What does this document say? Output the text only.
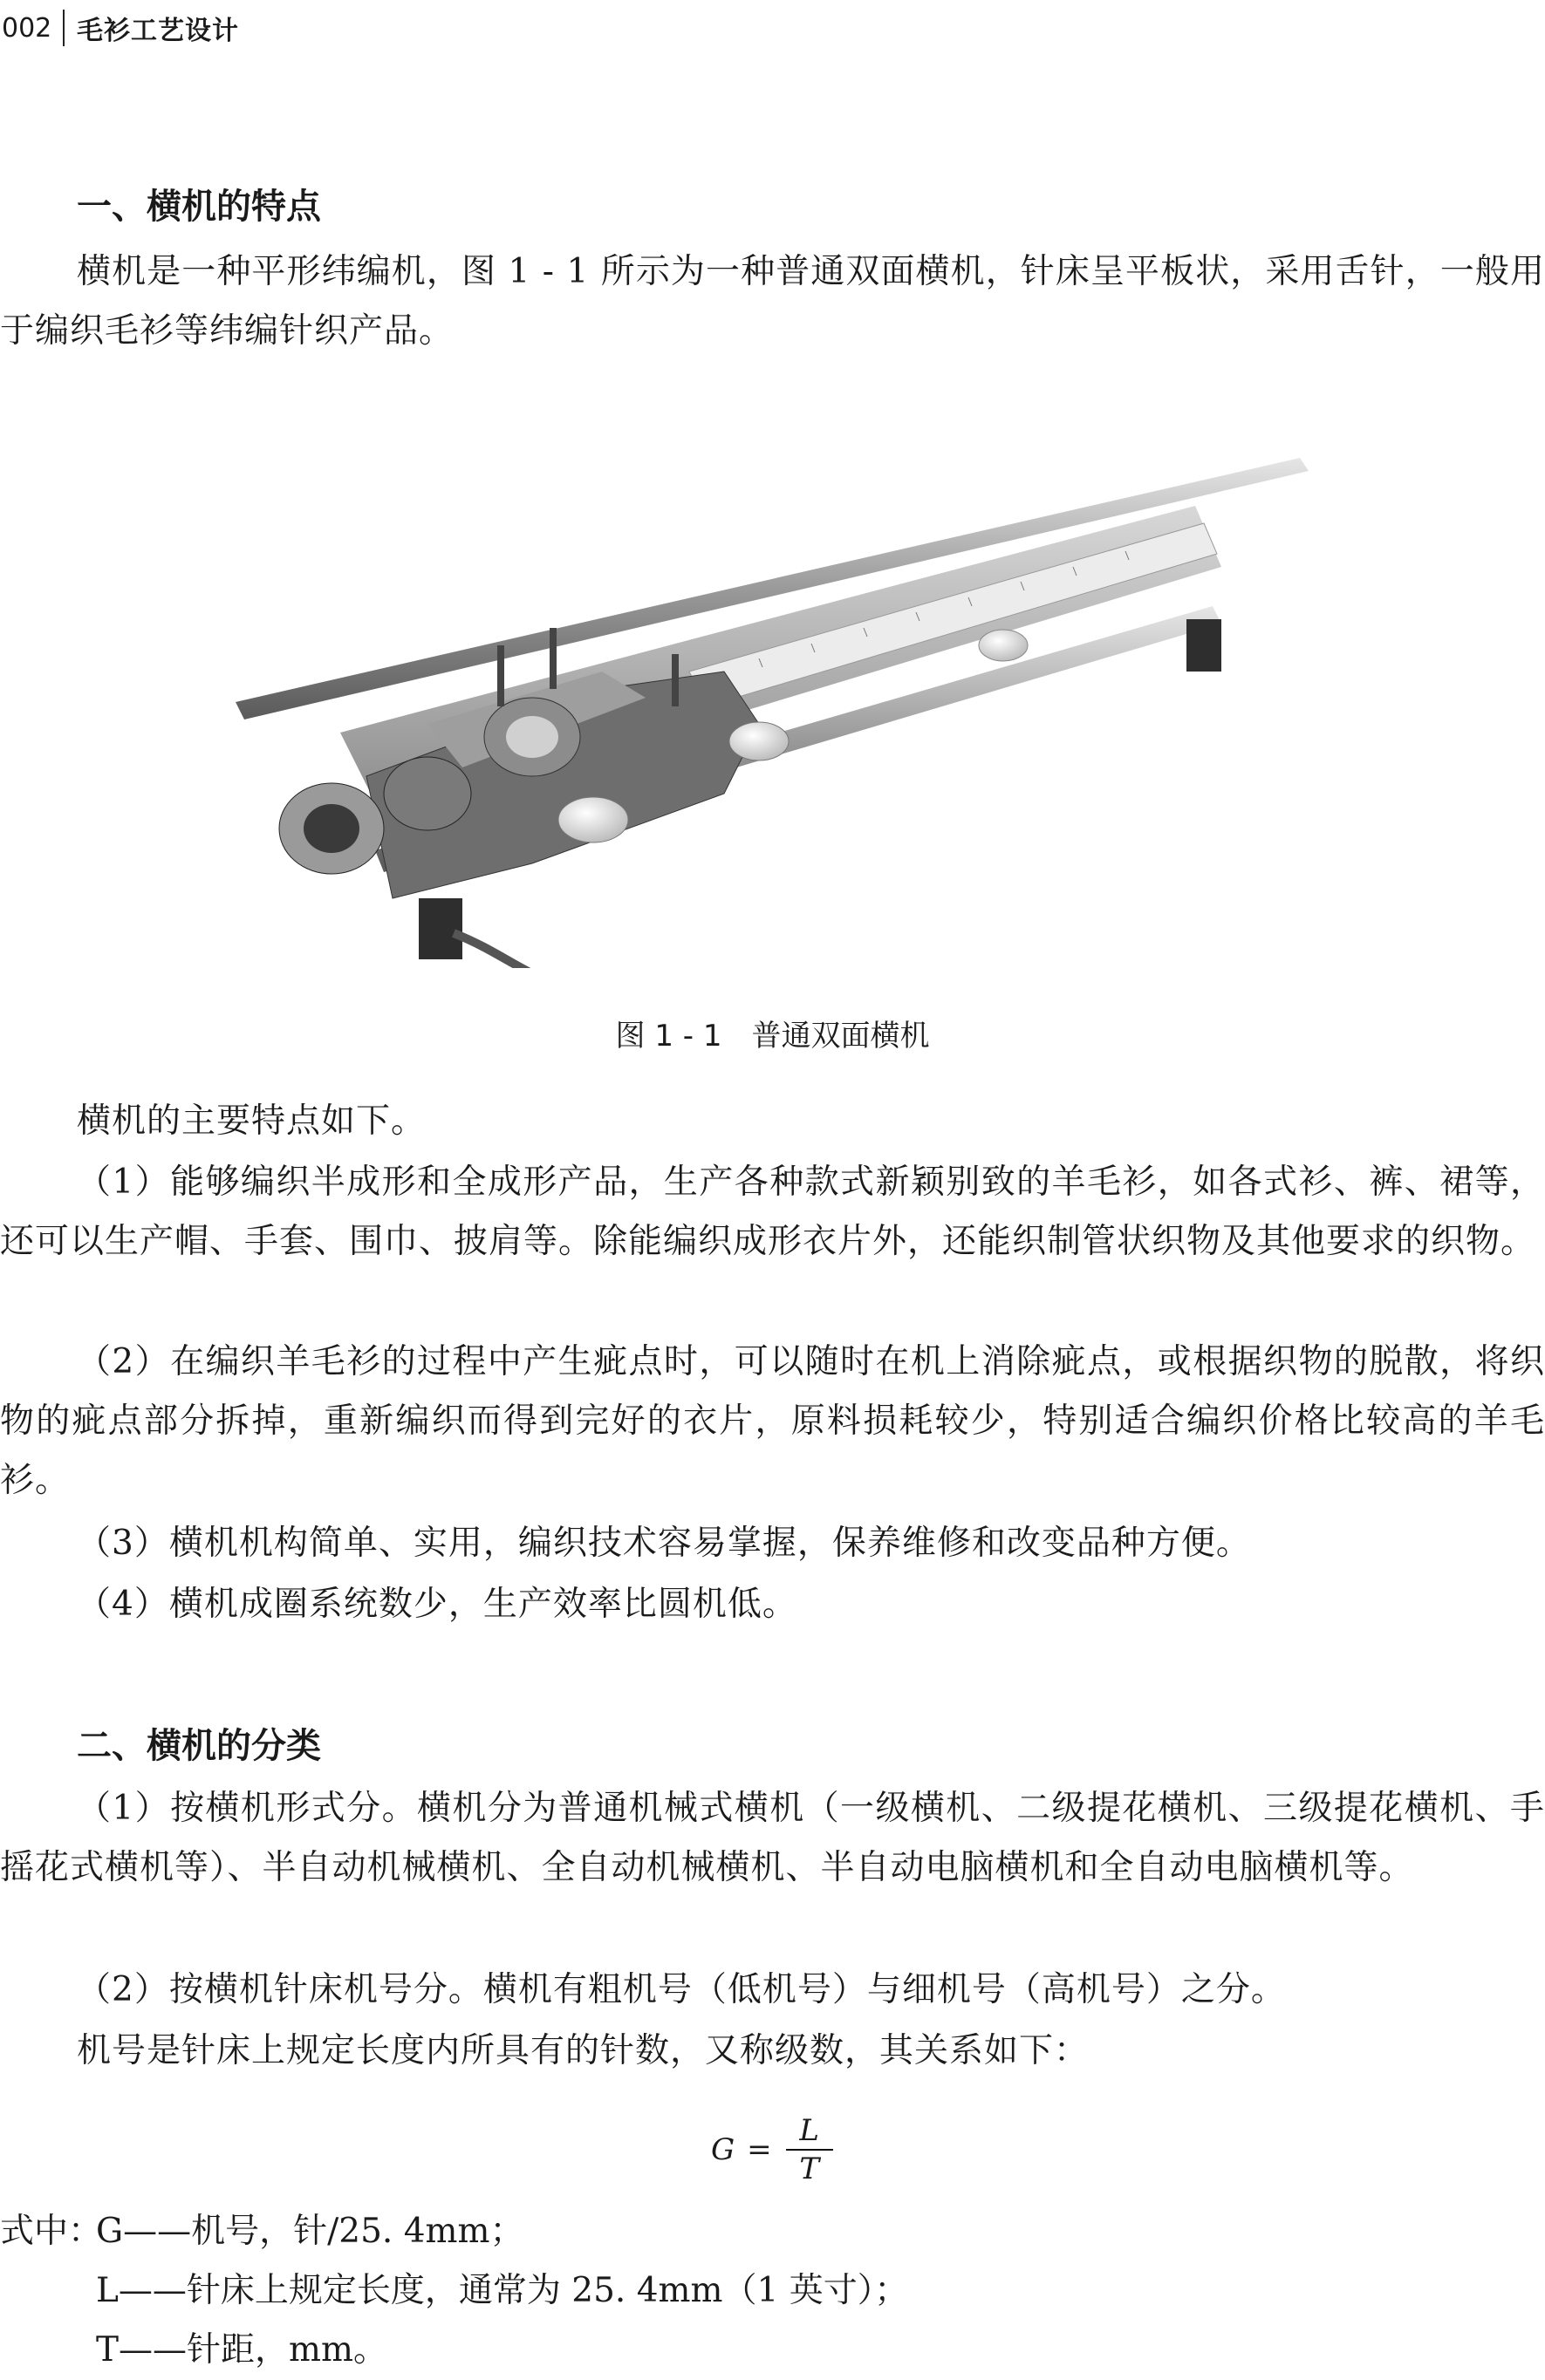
002 毛衫工艺设计
一、横机的特点

横机是一种平形纬编机，图 1 - 1 所示为一种普通双面横机，针床呈平板状，采用舌针，一般用于编织毛衫等纬编针织产品。

图 1 - 1　普通双面横机

横机的主要特点如下。

（1）能够编织半成形和全成形产品，生产各种款式新颖别致的羊毛衫，如各式衫、裤、裙等，还可以生产帽、手套、围巾、披肩等。除能编织成形衣片外，还能织制管状织物及其他要求的织物。

（2）在编织羊毛衫的过程中产生疵点时，可以随时在机上消除疵点，或根据织物的脱散，将织物的疵点部分拆掉，重新编织而得到完好的衣片，原料损耗较少，特别适合编织价格比较高的羊毛衫。

（3）横机机构简单、实用，编织技术容易掌握，保养维修和改变品种方便。

（4）横机成圈系统数少，生产效率比圆机低。

二、横机的分类

（1）按横机形式分。横机分为普通机械式横机（一级横机、二级提花横机、三级提花横机、手摇花式横机等）、半自动机械横机、全自动机械横机、半自动电脑横机和全自动电脑横机等。

（2）按横机针床机号分。横机有粗机号（低机号）与细机号（高机号）之分。

机号是针床上规定长度内所具有的针数，又称级数，其关系如下：

$G = \frac{L}{T}$
式中：
G——机号，针/25. 4mm；
L——针床上规定长度，通常为 25. 4mm（1 英寸）；
T——针距，mm。
